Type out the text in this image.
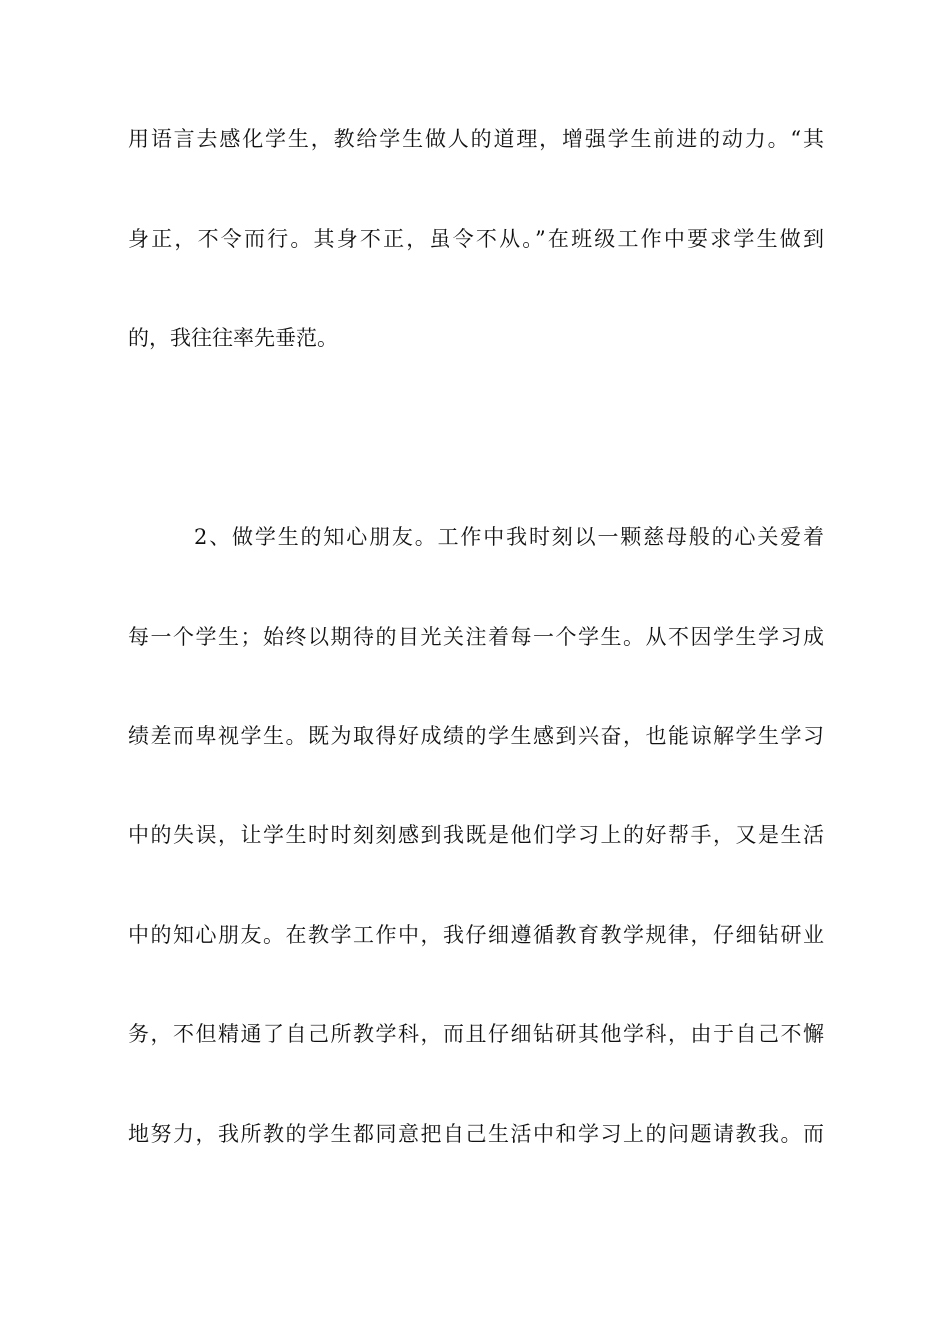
用语言去感化学生，教给学生做人的道理，增强学生前进的动力。“其
身正，不令而行。其身不正，虽令不从。”在班级工作中要求学生做到
的，我往往率先垂范。
2、做学生的知心朋友。工作中我时刻以一颗慈母般的心关爱着
每一个学生；始终以期待的目光关注着每一个学生。从不因学生学习成
绩差而卑视学生。既为取得好成绩的学生感到兴奋，也能谅解学生学习
中的失误，让学生时时刻刻感到我既是他们学习上的好帮手，又是生活
中的知心朋友。在教学工作中，我仔细遵循教育教学规律，仔细钻研业
务，不但精通了自己所教学科，而且仔细钻研其他学科，由于自己不懈
地努力，我所教的学生都同意把自己生活中和学习上的问题请教我。而
